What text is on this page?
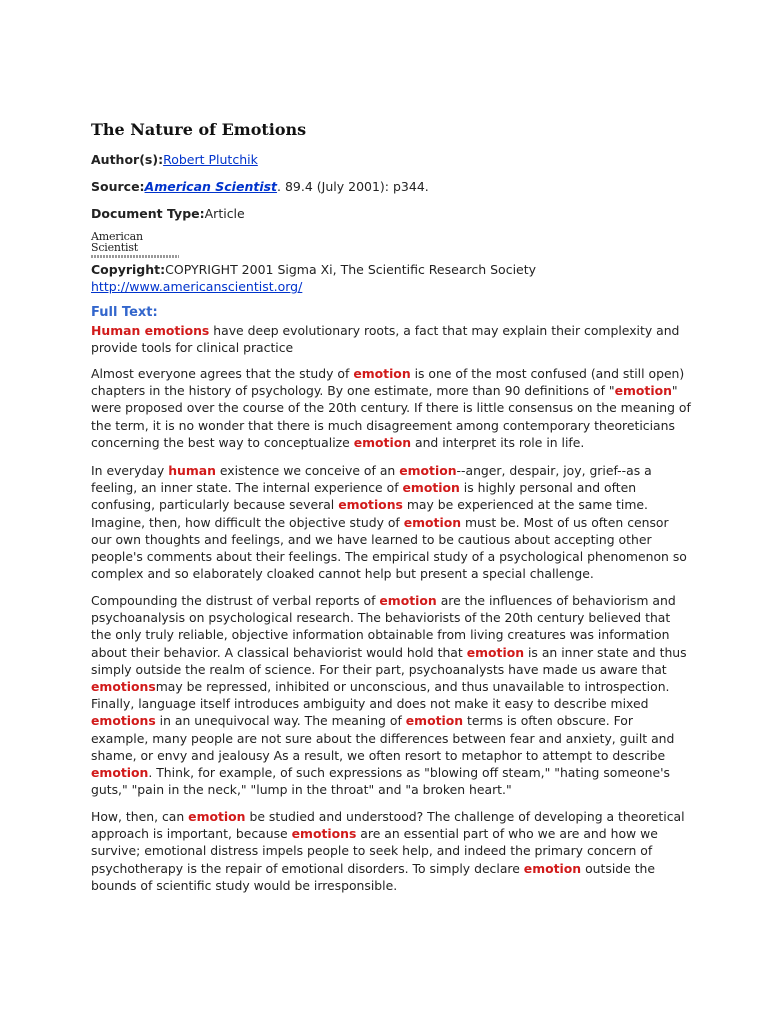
The Nature of Emotions
Author(s):Robert Plutchik
Source:American Scientist. 89.4 (July 2001): p344.
Document Type:Article
American Scientist
Copyright:COPYRIGHT 2001 Sigma Xi, The Scientific Research Society
http://www.americanscientist.org/
Full Text:

Human emotions have deep evolutionary roots, a fact that may explain their complexity and provide tools for clinical practice

Almost everyone agrees that the study of emotion is one of the most confused (and still open) chapters in the history of psychology. By one estimate, more than 90 definitions of "emotion" were proposed over the course of the 20th century. If there is little consensus on the meaning of the term, it is no wonder that there is much disagreement among contemporary theoreticians concerning the best way to conceptualize emotion and interpret its role in life.

In everyday human existence we conceive of an emotion--anger, despair, joy, grief--as a feeling, an inner state. The internal experience of emotion is highly personal and often confusing, particularly because several emotions may be experienced at the same time. Imagine, then, how difficult the objective study of emotion must be. Most of us often censor our own thoughts and feelings, and we have learned to be cautious about accepting other people's comments about their feelings. The empirical study of a psychological phenomenon so complex and so elaborately cloaked cannot help but present a special challenge.

Compounding the distrust of verbal reports of emotion are the influences of behaviorism and psychoanalysis on psychological research. The behaviorists of the 20th century believed that the only truly reliable, objective information obtainable from living creatures was information about their behavior. A classical behaviorist would hold that emotion is an inner state and thus simply outside the realm of science. For their part, psychoanalysts have made us aware that emotionsmay be repressed, inhibited or unconscious, and thus unavailable to introspection. Finally, language itself introduces ambiguity and does not make it easy to describe mixed emotions in an unequivocal way. The meaning of emotion terms is often obscure. For example, many people are not sure about the differences between fear and anxiety, guilt and shame, or envy and jealousy As a result, we often resort to metaphor to attempt to describe emotion. Think, for example, of such expressions as "blowing off steam," "hating someone's guts," "pain in the neck," "lump in the throat" and "a broken heart."

How, then, can emotion be studied and understood? The challenge of developing a theoretical approach is important, because emotions are an essential part of who we are and how we survive; emotional distress impels people to seek help, and indeed the primary concern of psychotherapy is the repair of emotional disorders. To simply declare emotion outside the bounds of scientific study would be irresponsible.
